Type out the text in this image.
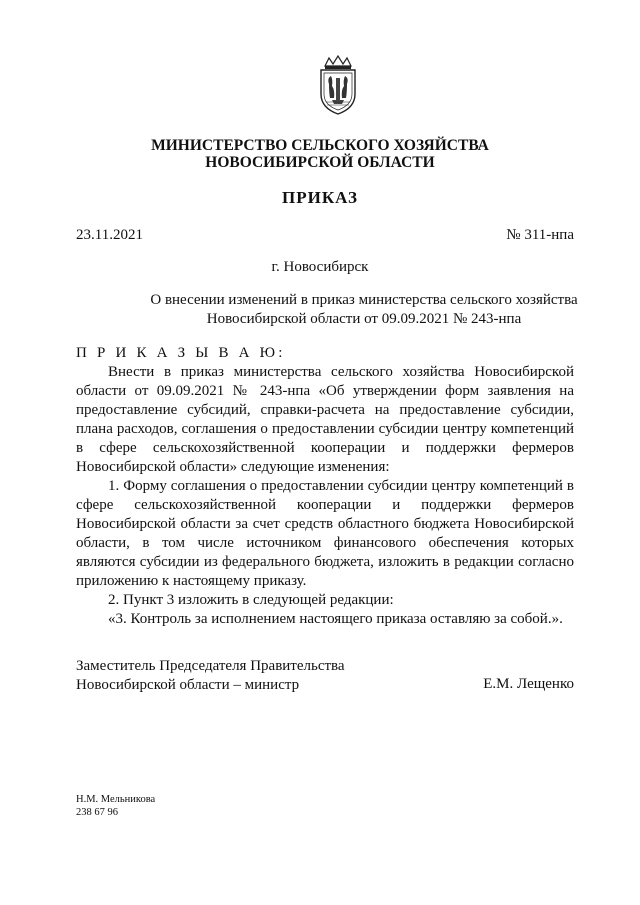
МИНИСТЕРСТВО СЕЛЬСКОГО ХОЗЯЙСТВА
НОВОСИБИРСКОЙ ОБЛАСТИ
ПРИКАЗ
23.11.2021	№ 311-нпа
г. Новосибирск
О внесении изменений в приказ министерства сельского хозяйства
Новосибирской области от 09.09.2021 № 243-нпа

П Р И К А З Ы В А Ю:

Внести в приказ министерства сельского хозяйства Новосибирской области от 09.09.2021 № 243-нпа «Об утверждении форм заявления на предоставление субсидий, справки-расчета на предоставление субсидии, плана расходов, соглашения о предоставлении субсидии центру компетенций в сфере сельскохозяйственной кооперации и поддержки фермеров Новосибирской области» следующие изменения:

1. Форму соглашения о предоставлении субсидии центру компетенций в сфере сельскохозяйственной кооперации и поддержки фермеров Новосибирской области за счет средств областного бюджета Новосибирской области, в том числе источником финансового обеспечения которых являются субсидии из федерального бюджета, изложить в редакции согласно приложению к настоящему приказу.

2. Пункт 3 изложить в следующей редакции:

«3. Контроль за исполнением настоящего приказа оставляю за собой.».

Заместитель Председателя Правительства
Новосибирской области – министр	Е.М. Лещенко
Н.М. Мельникова
238 67 96
